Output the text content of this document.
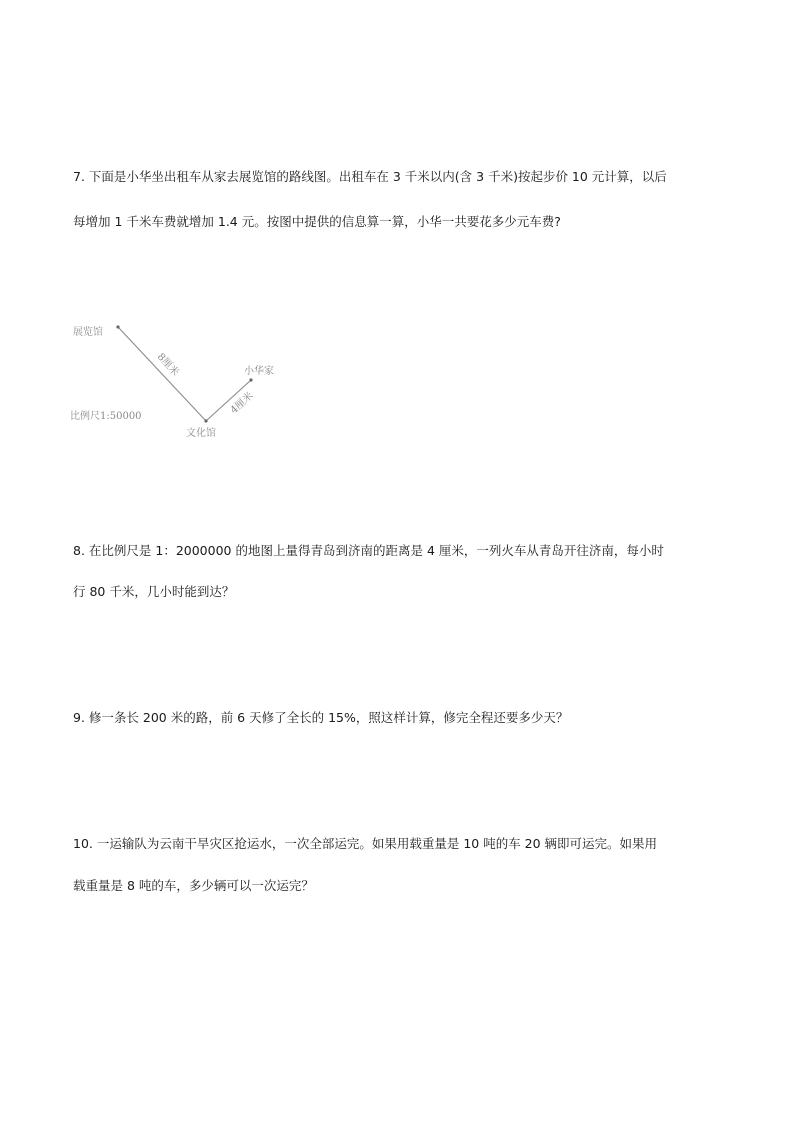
7. 下面是小华坐出租车从家去展览馆的路线图。出租车在 3 千米以内(含 3 千米)按起步价 10 元计算，以后
每增加 1 千米车费就增加 1.4 元。按图中提供的信息算一算，小华一共要花多少元车费?
展览馆
小华家
文化馆
比例尺1:50000
8厘米
4厘米
8. 在比例尺是 1：2000000 的地图上量得青岛到济南的距离是 4 厘米，一列火车从青岛开往济南，每小时
行 80 千米，几小时能到达？
9. 修一条长 200 米的路，前 6 天修了全长的 15%，照这样计算，修完全程还要多少天？
10. 一运输队为云南干旱灾区抢运水，一次全部运完。如果用载重量是 10 吨的车 20 辆即可运完。如果用
载重量是 8 吨的车，多少辆可以一次运完？
